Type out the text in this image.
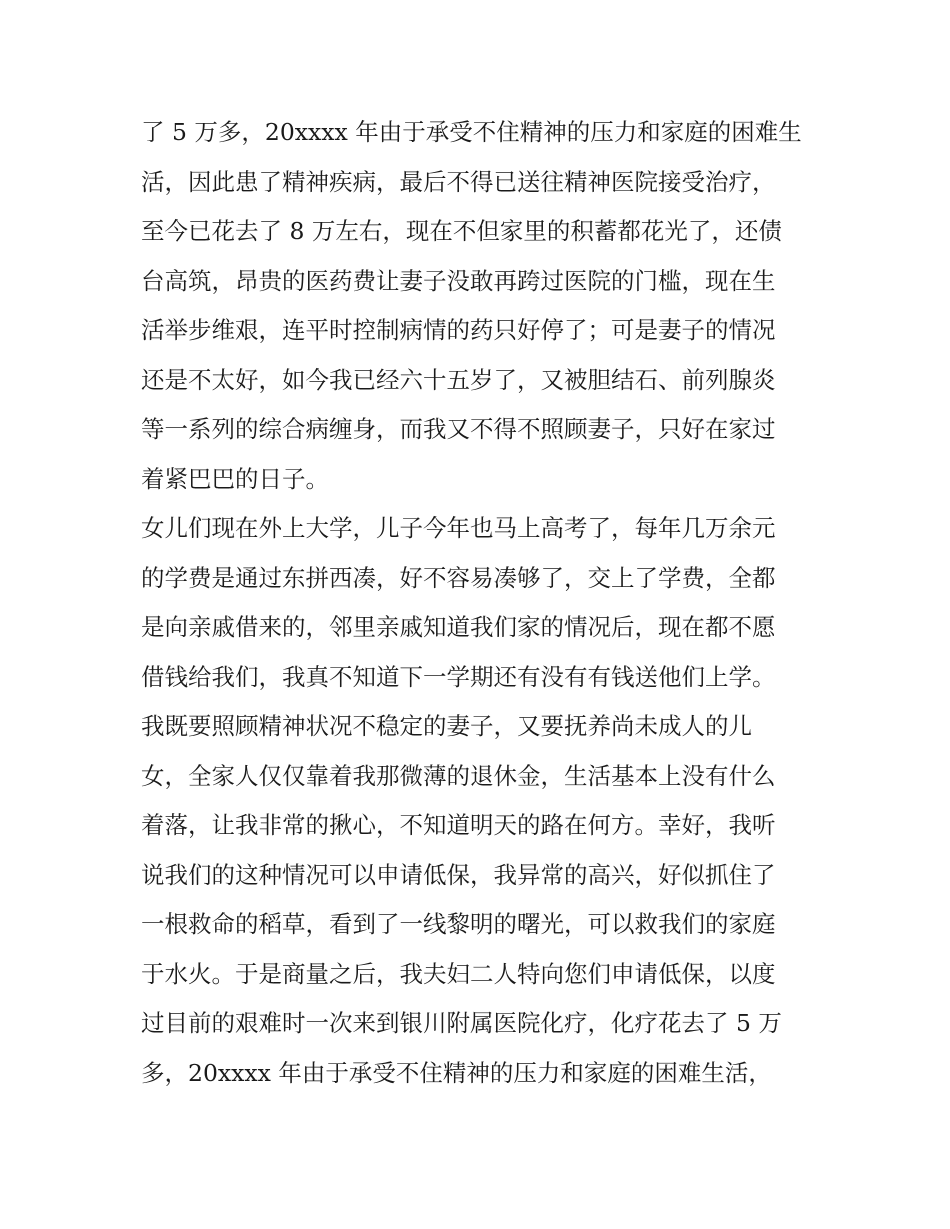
了 5 万多，20xxxx 年由于承受不住精神的压力和家庭的困难生
活，因此患了精神疾病，最后不得已送往精神医院接受治疗，
至今已花去了 8 万左右，现在不但家里的积蓄都花光了，还债
台高筑，昂贵的医药费让妻子没敢再跨过医院的门槛，现在生
活举步维艰，连平时控制病情的药只好停了；可是妻子的情况
还是不太好，如今我已经六十五岁了，又被胆结石、前列腺炎
等一系列的综合病缠身，而我又不得不照顾妻子，只好在家过
着紧巴巴的日子。
女儿们现在外上大学，儿子今年也马上高考了，每年几万余元
的学费是通过东拼西凑，好不容易凑够了，交上了学费，全都
是向亲戚借来的，邻里亲戚知道我们家的情况后，现在都不愿
借钱给我们，我真不知道下一学期还有没有有钱送他们上学。
我既要照顾精神状况不稳定的妻子，又要抚养尚未成人的儿
女，全家人仅仅靠着我那微薄的退休金，生活基本上没有什么
着落，让我非常的揪心，不知道明天的路在何方。幸好，我听
说我们的这种情况可以申请低保，我异常的高兴，好似抓住了
一根救命的稻草，看到了一线黎明的曙光，可以救我们的家庭
于水火。于是商量之后，我夫妇二人特向您们申请低保，以度
过目前的艰难时一次来到银川附属医院化疗，化疗花去了 5 万
多，20xxxx 年由于承受不住精神的压力和家庭的困难生活，
